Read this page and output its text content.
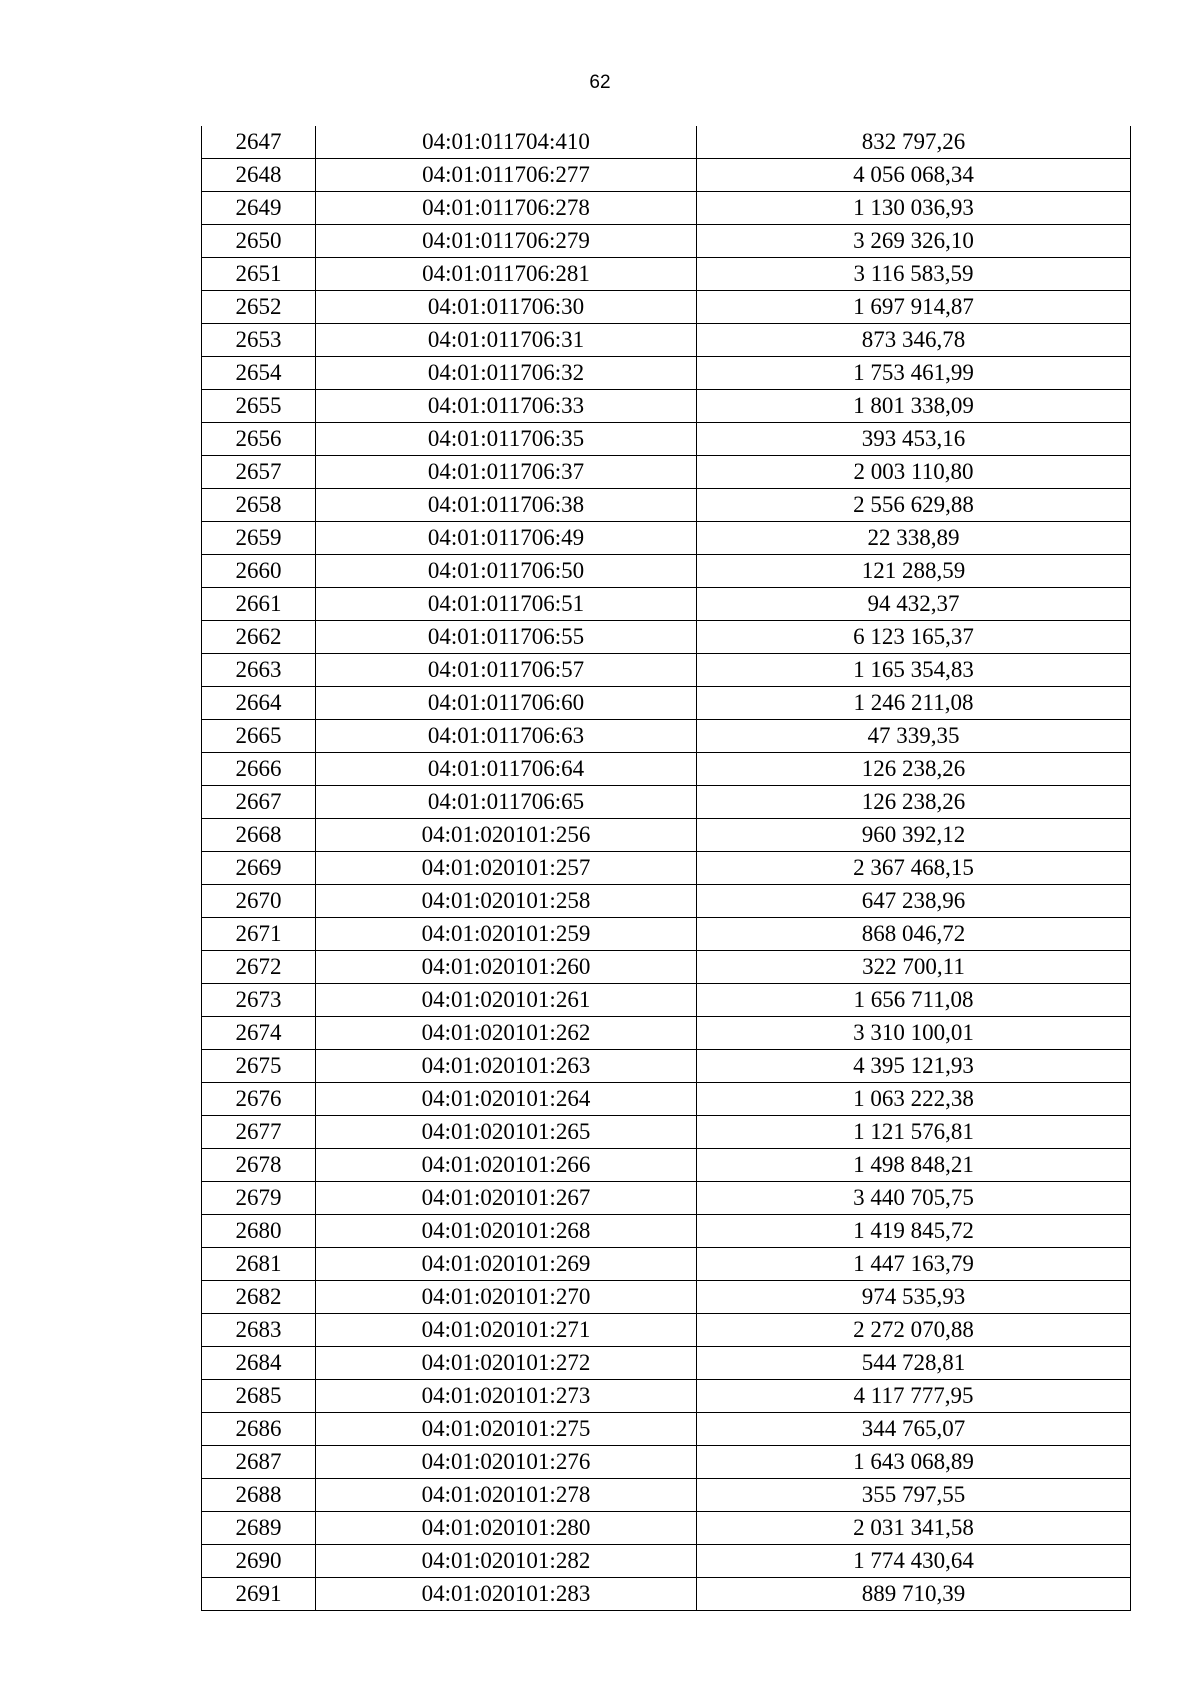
62
2647	04:01:011704:410	832 797,26
2648	04:01:011706:277	4 056 068,34
2649	04:01:011706:278	1 130 036,93
2650	04:01:011706:279	3 269 326,10
2651	04:01:011706:281	3 116 583,59
2652	04:01:011706:30	1 697 914,87
2653	04:01:011706:31	873 346,78
2654	04:01:011706:32	1 753 461,99
2655	04:01:011706:33	1 801 338,09
2656	04:01:011706:35	393 453,16
2657	04:01:011706:37	2 003 110,80
2658	04:01:011706:38	2 556 629,88
2659	04:01:011706:49	22 338,89
2660	04:01:011706:50	121 288,59
2661	04:01:011706:51	94 432,37
2662	04:01:011706:55	6 123 165,37
2663	04:01:011706:57	1 165 354,83
2664	04:01:011706:60	1 246 211,08
2665	04:01:011706:63	47 339,35
2666	04:01:011706:64	126 238,26
2667	04:01:011706:65	126 238,26
2668	04:01:020101:256	960 392,12
2669	04:01:020101:257	2 367 468,15
2670	04:01:020101:258	647 238,96
2671	04:01:020101:259	868 046,72
2672	04:01:020101:260	322 700,11
2673	04:01:020101:261	1 656 711,08
2674	04:01:020101:262	3 310 100,01
2675	04:01:020101:263	4 395 121,93
2676	04:01:020101:264	1 063 222,38
2677	04:01:020101:265	1 121 576,81
2678	04:01:020101:266	1 498 848,21
2679	04:01:020101:267	3 440 705,75
2680	04:01:020101:268	1 419 845,72
2681	04:01:020101:269	1 447 163,79
2682	04:01:020101:270	974 535,93
2683	04:01:020101:271	2 272 070,88
2684	04:01:020101:272	544 728,81
2685	04:01:020101:273	4 117 777,95
2686	04:01:020101:275	344 765,07
2687	04:01:020101:276	1 643 068,89
2688	04:01:020101:278	355 797,55
2689	04:01:020101:280	2 031 341,58
2690	04:01:020101:282	1 774 430,64
2691	04:01:020101:283	889 710,39
